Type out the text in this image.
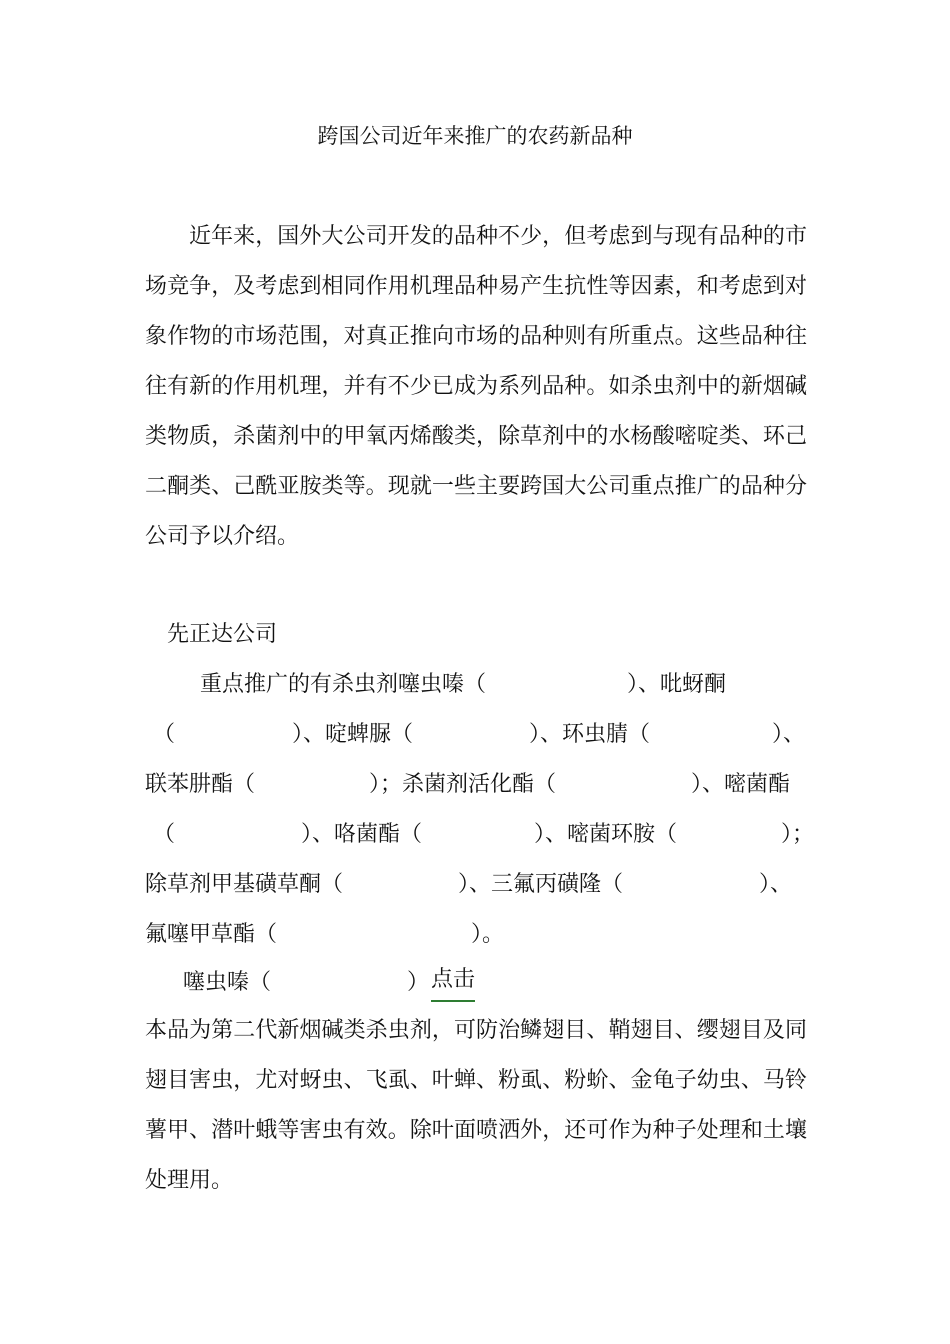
跨国公司近年来推广的农药新品种

近年来，国外大公司开发的品种不少，但考虑到与现有品种的市场竞争，及考虑到相同作用机理品种易产生抗性等因素，和考虑到对象作物的市场范围，对真正推向市场的品种则有所重点。这些品种往往有新的作用机理，并有不少已成为系列品种。如杀虫剂中的新烟碱类物质，杀菌剂中的甲氧丙烯酸类，除草剂中的水杨酸嘧啶类、环己二酮类、己酰亚胺类等。现就一些主要跨国大公司重点推广的品种分公司予以介绍。

先正达公司
重点推广的有杀虫剂噻虫嗪（	）、吡蚜酮
（	）、啶蜱脲（	）、环虫腈（	）、
联苯肼酯（	）；杀菌剂活化酯（	）、嘧菌酯
（	）、咯菌酯（	）、嘧菌环胺（	）；
除草剂甲基磺草酮（	）、三氟丙磺隆（	）、
氟噻甲草酯（	）。
噻虫嗪（	） 点击

本品为第二代新烟碱类杀虫剂，可防治鳞翅目、鞘翅目、缨翅目及同翅目害虫，尤对蚜虫、飞虱、叶蝉、粉虱、粉蚧、金龟子幼虫、马铃薯甲、潜叶蛾等害虫有效。除叶面喷洒外，还可作为种子处理和土壤处理用。
